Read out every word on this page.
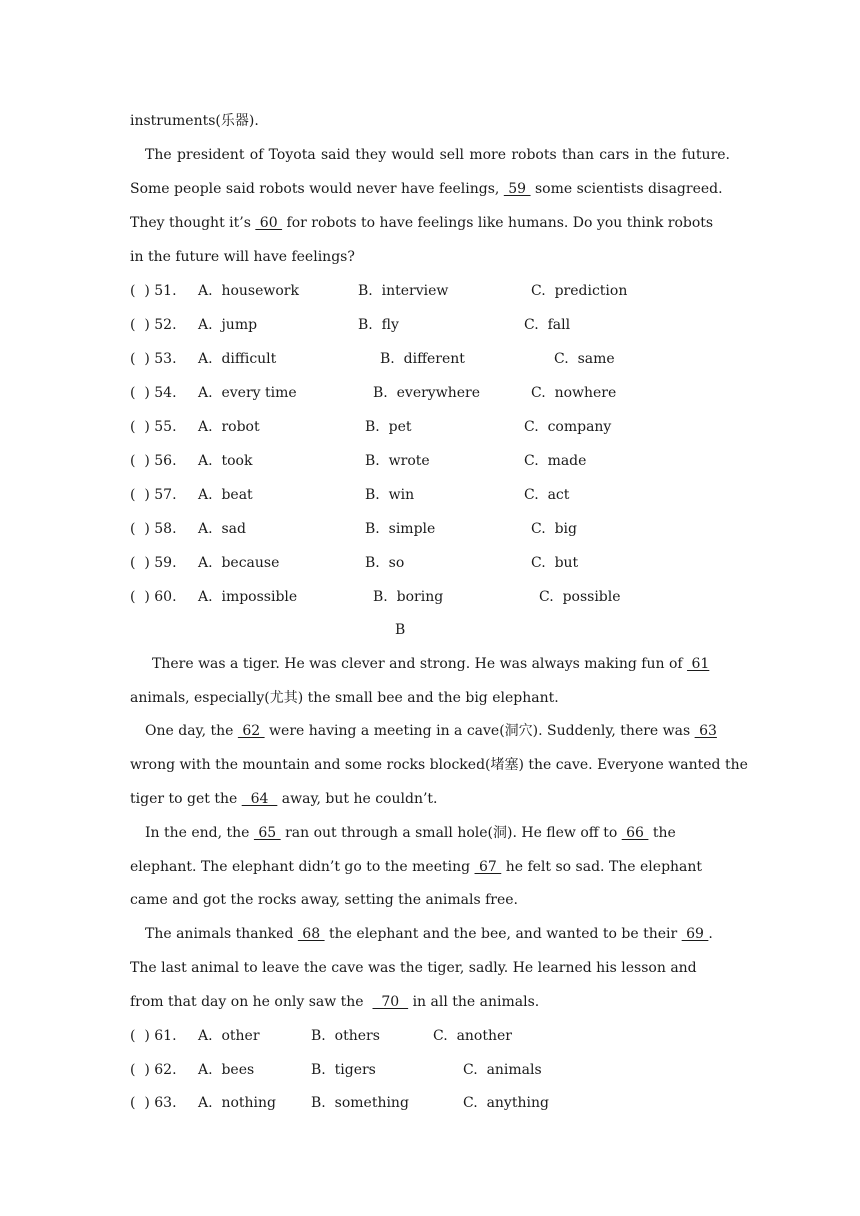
instruments(乐器).
The president of Toyota said they would sell more robots than cars in the future.
Some people said robots would never have feelings,  59  some scientists disagreed.
They thought it’s  60  for robots to have feelings like humans. Do you think robots
in the future will have feelings?
(  ) 51. A.  housework	B.  interview	C.  prediction
(  ) 52. A.  jump	B.  fly	C.  fall
(  ) 53. A.  difficult	B.  different	C.  same
(  ) 54. A.  every time	B.  everywhere	C.  nowhere
(  ) 55. A.  robot	B.  pet	C.  company
(  ) 56. A.  took	B.  wrote	C.  made
(  ) 57. A.  beat	B.  win	C.  act
(  ) 58. A.  sad	B.  simple	C.  big
(  ) 59. A.  because	B.  so	C.  but
(  ) 60. A.  impossible	B.  boring	C.  possible
B
There was a tiger. He was clever and strong. He was always making fun of  61
animals, especially(尤其) the small bee and the big elephant.
One day, the  62  were having a meeting in a cave(洞穴). Suddenly, there was  63
wrong with the mountain and some rocks blocked(堵塞) the cave. Everyone wanted the
tiger to get the   64   away, but he couldn’t.
In the end, the  65  ran out through a small hole(洞). He flew off to  66  the
elephant. The elephant didn’t go to the meeting  67  he felt so sad. The elephant
came and got the rocks away, setting the animals free.
The animals thanked  68  the elephant and the bee, and wanted to be their  69 .
The last animal to leave the cave was the tiger, sadly. He learned his lesson and
from that day on he only saw the    70   in all the animals.
(  ) 61. A.  other	B.  others	C.  another
(  ) 62. A.  bees	B.  tigers	C.  animals
(  ) 63. A.  nothing B.  something	C.  anything
